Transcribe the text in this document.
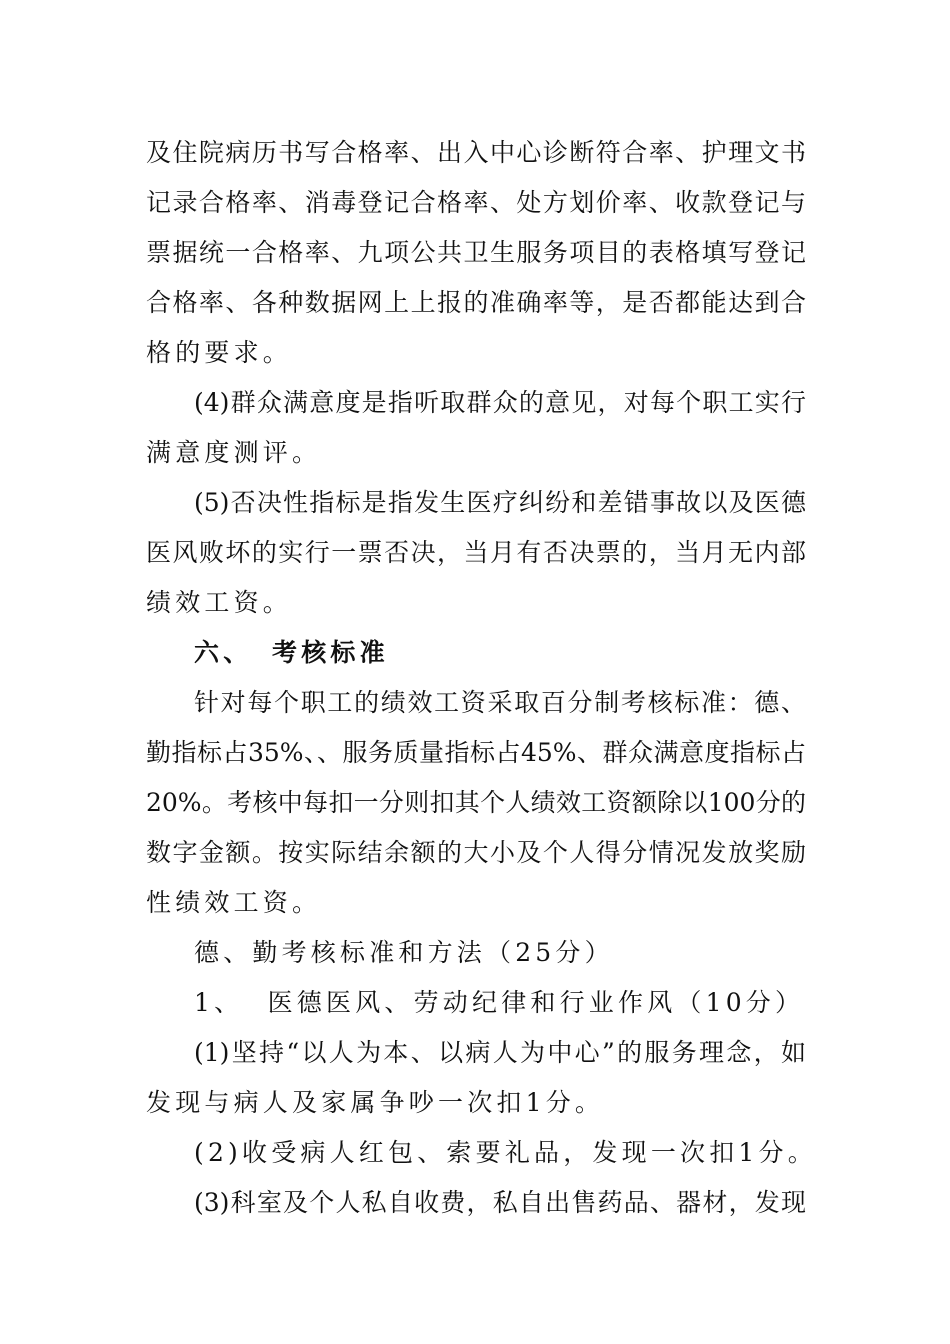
及住院病历书写合格率、出入中心诊断符合率、护理文书
记录合格率、消毒登记合格率、处方划价率、收款登记与
票据统一合格率、九项公共卫生服务项目的表格填写登记
合格率、各种数据网上上报的准确率等，是否都能达到合
格的要求。
(4)群众满意度是指听取群众的意见，对每个职工实行
满意度测评。
(5)否决性指标是指发生医疗纠纷和差错事故以及医德
医风败坏的实行一票否决，当月有否决票的，当月无内部
绩效工资。
六、 考核标准
针对每个职工的绩效工资采取百分制考核标准：德、
勤指标占35%、、服务质量指标占45%、群众满意度指标占
20%。考核中每扣一分则扣其个人绩效工资额除以100分的
数字金额。按实际结余额的大小及个人得分情况发放奖励
性绩效工资。
德、勤考核标准和方法（25分）
1、  医德医风、劳动纪律和行业作风（10分）
(1)坚持“以人为本、以病人为中心”的服务理念，如
发现与病人及家属争吵一次扣1分。
(2)收受病人红包、索要礼品，发现一次扣1分。
(3)科室及个人私自收费，私自出售药品、器材，发现
